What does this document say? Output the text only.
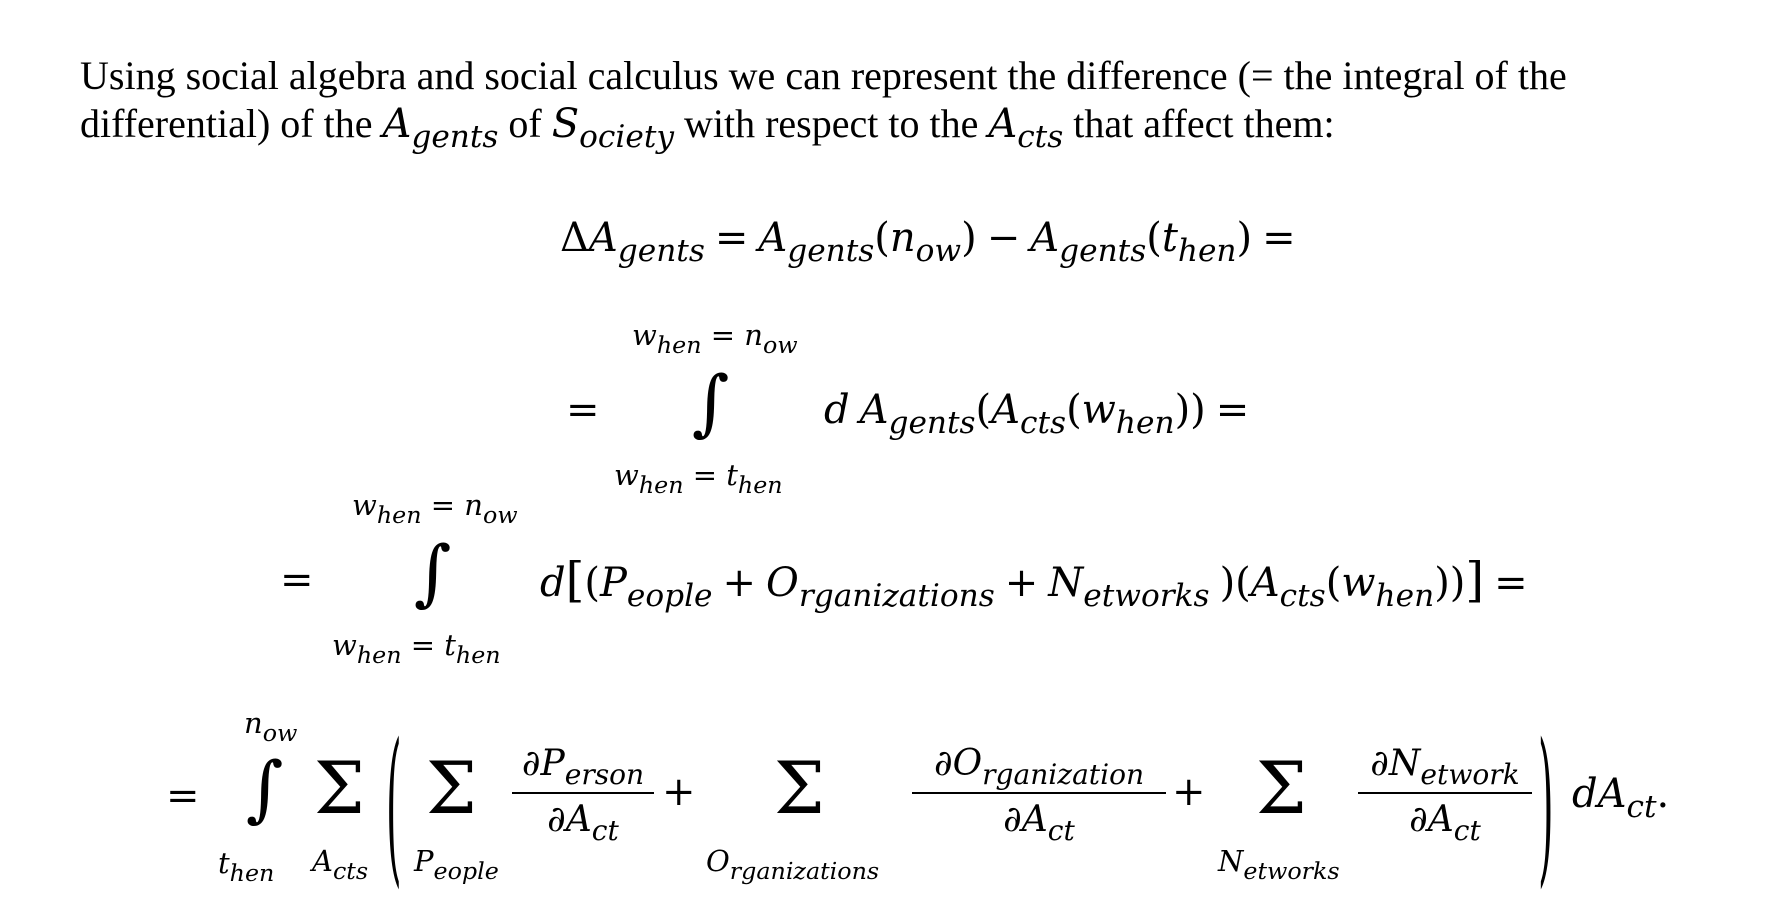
Using social algebra and social calculus we can represent the difference (= the integral of the differential) of the $A_{gents}$ of $S_{ociety}$ with respect to the $A_{cts}$ that affect them:
$\Delta A_{gents} = A_{gents}(n_{ow}) - A_{gents}(t_{hen})$ =
=
$w_{hen} = n_{ow}$
∫
$w_{hen} = t_{hen}$
d $A_{gents}(A_{cts}(w_{hen}))$ =
=
$w_{hen} = n_{ow}$
∫
$w_{hen} = t_{hen}$
$d[(P_{eople} + O_{rganizations} + N_{etworks}$ )$(A_{cts}(w_{hen}))$] =
=
$n_{ow}$
∫
$t_{hen}$
Σ
$A_{cts}$ ( Σ
$P_{eople}$
$\partial P_{erson}$
$\partial A_{ct}$
+ Σ
$O_{rganizations}$
$\partial O_{rganization}$
$\partial A_{ct}$
+ Σ
$N_{etworks}$
$\partial N_{etwork}$
$\partial A_{ct}$	) $dA_{ct}$.
